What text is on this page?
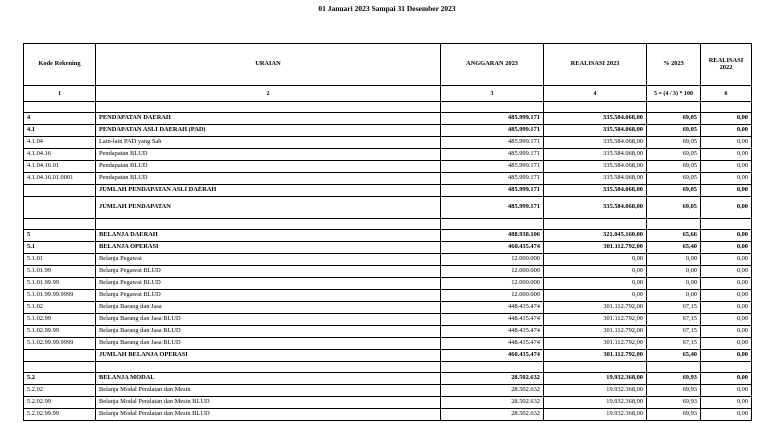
01 Januari 2023 Sampai 31 Desember 2023
Kode Rekening	URAIAN	ANGGARAN 2023	REALISASI 2023	% 2023	REALISASI 2022
1	2	3	4	5 = (4 / 3) * 100	6

4	PENDAPATAN DAERAH	485.999.171	335.584.068,00	69,05	0,00
4.1	PENDAPATAN ASLI DAERAH (PAD)	485.999.171	335.584.068,00	69,05	0,00
4.1.04	Lain-lain PAD yang Sah	485.999.171	335.584.068,00	69,05	0,00
4.1.04.16	Pendapatan BLUD	485.999.171	335.584.068,00	69,05	0,00
4.1.04.16.01	Pendapatan BLUD	485.999.171	335.584.068,00	69,05	0,00
4.1.04.16.01.0001	Pendapatan BLUD	485.999.171	335.584.068,00	69,05	0,00
	JUMLAH PENDAPATAN ASLI DAERAH	485.999.171	335.584.068,00	69,05	0,00
	JUMLAH PENDAPATAN	485.999.171	335.584.068,00	69,05	0,00

5	BELANJA DAERAH	488.938.106	321.045.160,00	65,66	0,00
5.1	BELANJA OPERASI	460.435.474	301.112.792,00	65,40	0,00
5.1.01	Belanja Pegawai	12.000.000	0,00	0,00	0,00
5.1.01.99	Belanja Pegawai BLUD	12.000.000	0,00	0,00	0,00
5.1.01.99.99	Belanja Pegawai BLUD	12.000.000	0,00	0,00	0,00
5.1.01.99.99.9999	Belanja Pegawai BLUD	12.000.000	0,00	0,00	0,00
5.1.02	Belanja Barang dan Jasa	448.435.474	301.112.792,00	67,15	0,00
5.1.02.99	Belanja Barang dan Jasa BLUD	448.435.474	301.112.792,00	67,15	0,00
5.1.02.99.99	Belanja Barang dan Jasa BLUD	448.435.474	301.112.792,00	67,15	0,00
5.1.02.99.99.9999	Belanja Barang dan Jasa BLUD	448.435.474	301.112.792,00	67,15	0,00
	JUMLAH BELANJA OPERASI	460.435.474	301.112.792,00	65,40	0,00

5.2	BELANJA MODAL	28.502.632	19.932.368,00	69,93	0,00
5.2.02	Belanja Modal Peralatan dan Mesin	28.502.632	19.932.368,00	69,93	0,00
5.2.02.99	Belanja Modal Peralatan dan Mesin BLUD	28.502.632	19.932.368,00	69,93	0,00
5.2.02.99.99	Belanja Modal Peralatan dan Mesin BLUD	28.502.632	19.932.368,00	69,93	0,00
